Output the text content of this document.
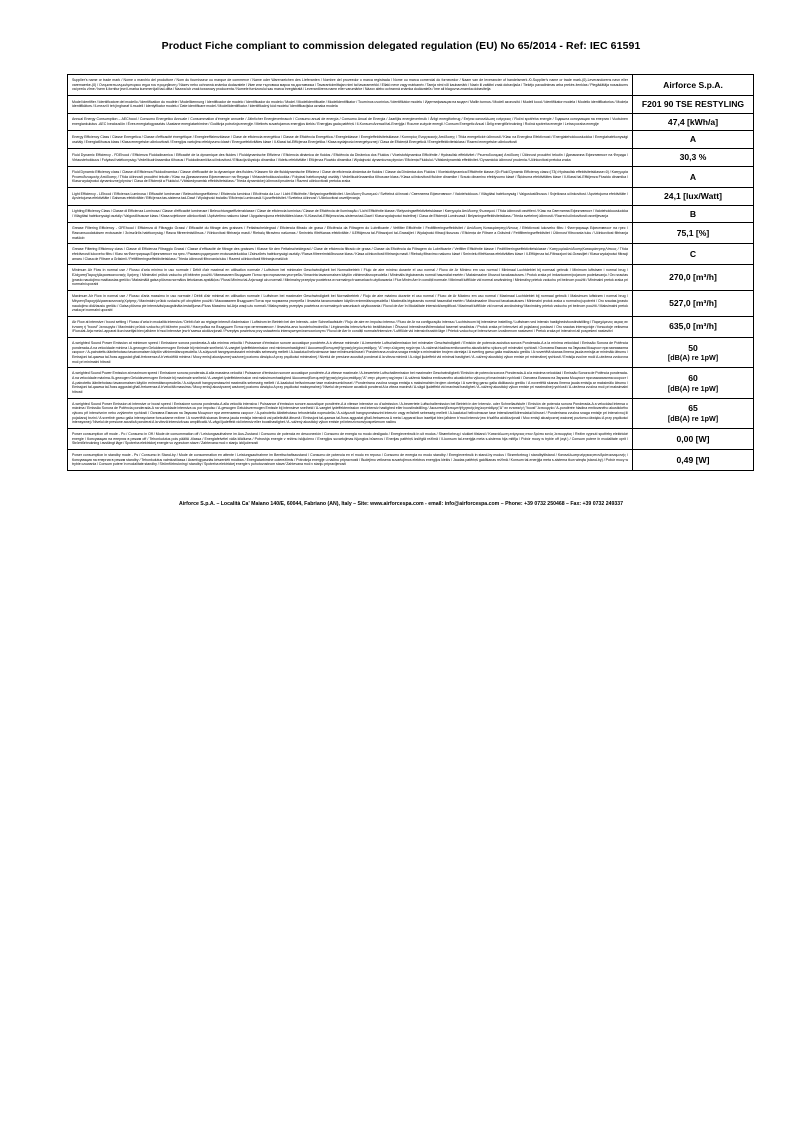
Product Fiche compliant to commission delegated regulation (EU) No 65/2014 - Ref: IEC 61591
Supplier's name or trade mark / Nome o marchio del produttore / Nom du fournisseur ou marque de commerce / Name oder Warenzeichen des Lieferanten / Nombre del proveedor o marca registrada / Nome ou marca comercial do fornecedor / Naam van de leverancier of handelsmerk /0-Supplier's name or trade mark-(0)-Leverandorens navn eller varemaerke-(0) / Ονοματεπωνυμο/εμπορικο σημα του προμηθευτη / Název nebo ochranná známka dodavatele / Име или търговска марка на доставчика / Tavarantoimittajan nimi tai tavaramerkki / Ellató neve vagy márkanév / Tamja nimi või kaubamärk / Naziv ili zaštitni znak dobavljača / Tiekėjo pavadinimas arba prekės ženklas / Piegādātāja nosaukums vai preču zīme / Isem il-fornitur jew il-marka kummerċjali tad-ditta / Nazwa lub znak towarowy producenta / Numele furnizorului sau marca înregistrată / Leverantörens namn eller varumärke / Názov alebo ochranná známka dodávateľa / Ime ali blagovna znamka dobavitelja	Airforce S.p.A.
Model identifier / Identificatore del modello / Identification du modèle / Modellkennung / Identificador de modelo / Identificador do modelo / Model / Modelidentificatie / Modelidentifikator / Tournínos uvorínius / Identifikátor modelu / Идентификация на модел / Mallin tunnus / Modell azonosító / Mudeli kood / Identifikator modela / Modelio identifikatorius / Modeļa identifikātors / Il-mezzi li teh jingharaf il-mudell / Identyfikator modelu / Date identificare model / Modellidentifikator / Identifikačný kód modelu/ Identifikacijska oznaka modela	F201 90 TSE RESTYLING
Annual Energy Consumption – AEChood / Consumo Energetico Annuale / Consommation d'énergie annuelle / Jährlicher Energieverbrauch / Consumo anual de energía / Consumo Anual de Energia / Jaarlijks energieverbruik / Årligt energiforbrug / Ετήσια κατανάλωση ενέργειας / Roční spotřeba energie / Годишна консумация на енергия / Vuotuinen energiankulutus -AEC Ivealouslön / Éves energiafogyasztás / Aastane energiatarbimine / Godišnja potrošnja energije / Metinės suvartojamos energijos kiekis / Energijas gada patēriņš / Il-Konsum Annwali tal-Enerġija / Roczne zużycie energii / Consum Energetic Anual / Årlig energiförbrukning / Ročná spotreba energie / Letna poraba energije	47,4 [kWh/a]
Energy Efficiency Class / Classe Energetica / Classe d'efficacité énergétique / Energieeffizienzklasse / Clase de eficiencia energética / Classe de Eficiência Energética / Energieklasse / Energieffektivitetsklasse / Komnpiος Ενεργειακής Απόδοσης / Třída energetické účinnosti / Klası na Energiina Efektivnost / Energiatehokkuusluokka / Energiahatékonysági osztály / Energiatõhusus klass / Klasa energetske učinkovitosti / Energijos vartojimo efektyvumo klasė / Energoefektivitātes klase / Il-Klassi tal-Effiċjenza Enerġetika / Klasa wydajności energetycznej / Clasa de Eficiență Energetică / Energieffektivitetsklass / Razred energetske učinkovitosti	A
Fluid Dynamic Efficiency - FDEhood / Efficienza Fluidodinamica / Efficacité de la dynamique des fluides / Fluiddynamische Effizienz / Eficiencia dinámica de fluidos / Eficiência da Dinâmica dos Fluidos / Vloeistofdynamica Efficiëntie / Hydraulisk effektivitet / Ρευστοδυναμική Απόδοση / Účinnost proudění tekutin / Динамична Ефективност на Флуида / Virtaustehokkuus / Folyássi hatékonyság / Vedelikudrünaamika tõhusus / Fluidodinamička učinkovitost / Efikacija škystojo dinamika / Videšu efektivitāte / Efiċjenza Fluwido dinamika / Wydajność dynamiczna płynów / Eficiența Fluidului / Vätskedynamisk effektivitet / Dynamická účinnosť prudenia / Učinkovitost pretoka zraka	30,3 %
Fluid Dynamic Efficiency class / Classe di Efficienza Fluidodinamica / Classe d'efficacité de la dynamique des fluides / Klassen für die fluiddynamische Effizienz / Clase de eficiencia dinámica de fluidos / Classe da Dinâmica dos Fluidos / Vloeistofdynamica Efficiëntie klasse /(0=Fluid Dynamic Efficiency class=)73(=Hydraulisk effektivitetsklasse=0) / Κατηγορία Ρευστοδυναμικής Απόδοσης / Třída účinnosti proudění tekutin / Klası на Динамичната Ефективност на Флуида / Virtaustehokkuusluokka / Folyássi hatékonysági osztály / Vedelikudrünaamika tõhususe klass / Klasa učinkovitosti fluidne dinamike / Srauto dinamino efektyvumo klasė / Šķidruma efektivitātes klase / Il-Klassi tal-Effiċjenza Fluwido dinamika / Klasa wydajności dynamicznej płynów / Clasa de Eficiență a Fluidului / Vätskedynamisk effektivitetsklass / Trieda dynamickej účinnosti prudenia / Razred učinkovitosti pretoka zraka	A
Light Efficiency - LEhood / Efficienza Luminosa / Efficacité lumineuse / Beleuchtungseffizienz / Eficiencia lumínica / Eficiência da Luz / Licht Efficiëntie / Belysningseffektivitet / Απόδοση Φωτισμού / Světelná účinnost / Светлинна Ефективност / Valotehokkuus / Világítási hatékonyság / Valgustustõhusus / Svjetlosna učinkovitost / Apvietojuma efektivitāte / Apvietojuma efektivitāte / Gaismas efektivitāte / Effiċjenza tas-sistema tad-Dawl / Wydajność światła / Eficiența Luminoasă / Ljuseffektivitet / Svetelna účinnosť / Učinkovitost osvetljevanja	24,1 [lux/Watt]
Lighting Efficiency Class / Classe di Efficienza Luminosa / Classe d'efficacité lumineuse / Beleuchtungseffizienzklasse / Clase de eficiencia lumínica / Classe de Eficiência de Iluminação / Licht Efficiëntie klasse / Belysningseffektivitetsklasse / Κατηγορία Απόδοσης Φωτισμού / Třída účinnosti osvětlení / Klası на Светлинна Ефективност / Valotehokkuusluokka / Világítási hatékonysági osztály / Valgustõhususe klass / Klasa svjetlosne učinkovitosti / Apšvietimo našumo klasė / Apgaismojuma efektivitātes klase / Il-Klassi tal-Effiċjenza tas-sistema tad-Dawl / Klasa wydajności świetlnej / Clasa de Eficiență Luminoasă / Belysningseffektivitetsklass / Trieda svetelnej účinnosti / Razred učinkovitosti osvetljevanja	B
Grease Filtering Efficiency - GFEhood / Efficienza di Filtraggio Grassi / Efficacité du filtrage des graisses / Fettabscheidegrad / Eficiencia filtrado de grasa / Eficiência da Filtragem do Lubrificante / Vetfilter Efficiëntie / Fedtfiltreringseffektivitet / Απόδοση Κατακράτησης/Λίπους / Efektivnost lukoveho filtru / Филтрираща Ефективност на грес / Rasvansuodatuksen erotusaste / Зсírszűrős hatékonyság / Rasva filtreerimistõhsus / Уčinkovitost filtriranja masti / Riebalų filtravimo našumas / Smirvielu filtrēšanas efektivitāte / Il-Effiċjenza tal-Filtrazzjoni tal-Grassijiet / Wydajność filtracji tłuszczu / Eficiența de Filtrare a Grăsimii / Fettfiltreringseffektivitet / Účinnosť filtrovania tuku / Učinkovitost filtriranja maščob	75,1 [%]
Grease Filtering Efficiency class / Classe di Efficienza Filtraggio Grassi / Classe d'efficacité de filtrage des graisses / Klasse für den Fettabscheidegrad / Clase de eficiencia filtrado de grasa / Classe da Eficiência da Filtragem do Lubrificante / Vetfilter Efficiëntie klasse / Fedtfiltreringseffektivitetsklasse / ΚατηγορίαΑπόδοσηςΚατακράτησηςΛίπους / Třída efektivnosti lukoveho filtru / Klası на Филтрираща Ефективност на грес / Расвансуодатуксен erotusasteluokka / Zsirszűrés hatékonysági osztály / Rasva filtreerimistõhususe klass / Klasa učinkovitosti filtriranja masti / Riebalų filtravimo našumo klasė / Smirvielu filtrēšanas efektivitātes klase / Il-Effiċjenza tal-Filtrazzjoni tal-Grassijiet / Klasa wydajności filtracji amaru / Clasa de Filtrare a Grăsimii / Fettfiltreringseffektivitetsklass / Trieda účinnosti filtrovania tuku / Razred učinkovitosti filtriranja maščob	C
Minimum Air Flow in normal use / Flusso d'aria minimo in uso normale / Débit d'air maximal en utilisation normale / Luftstrom bei minimaler Geschwindigkeit bei Normalbetrieb / Flujo de aire mínimo durante el uso normal / Fluxo de Ar Mínimo em uso normal / Minimaal Luchtdebiet bij normaal gebruik / Minimum luftstrøm i normal brug / ΕλάχιστηΠαροχήΑερασεκανονικής Χρήσης / Minimální prūtok vzduchu při běžném použití / Минимален Въздушен Поток при нормална употреба / Ilmavirta tavanomaisen käytön vähimmäisnopeudella / Minimális légkáramás normál használat esetén / Maksimaalne õhuvool tavakasutuses / Protok zraka pri imkaricomm/pojanom podešavanju / Oro srautas jprasto naudojimo mažiausias greičio / Maksimālā gaisa plūsma normālos lietošanas apstākļos / Flussi Minimu tal-Arja wagt użu normali / Minimalny przepływ powietrza w normalnych warunkach użytkowania / Flux Minim Aer în condiții normale / Minimalt luftflöde vid normal användning / Minimálny prietok vzduchu pri bežnom použití / Minimalni pretok zraka pri normalni uporabi	270,0 [m³/h]
Maximum Air Flow in normal use / Flusso d'aria massimo in uso normale / Débit d'air minimal en utilisation normale / Luftstrom bei maximaler Geschwindigkeit bei Normalbetrieb / Flujo de aire máximo durante el uso normal / Fluxo de Ar Máximo em uso normal / Maximaal Luchtdebiet bij normaal gebruik / Maksimum luftstrøm i normal brug / ΜέγιστηΠαροχήΑέρασεκανονικήςΧρήσης / Maximální prūtok vzduchu při obvyklém použití / Максимален Въздушен Поток при нормална употреба / Ilmavirta tavanomaisen käytön enimmäisnopeudella / Maximális légáramás normál használat esetén / Maksimaalne õhuvool tavakasutuses / Minimalni protok zraka u normalnoj upotrebi / Oro srautas jprasto naudojimo didžiausiu greičiu / Gaisa plūsma pie intensivās/paugstināta iestatījuma /Fluss Massimu tal-Arja waqt użu normali / Maksymalny przepływ powietrza w normalnych warunkach użytkowania / Fluxul de Aer în Modalitate intensivă/amplificat / Maximalt luftflöde vid normal användning/ Maximálny prietok vzduchu pri bežnom použití / Maksimalni pretok zraka pri normalni uporabi	527,0 [m³/h]
Air Flow at intensive / boost setting / Flusso d'aria in modalità intensiva / Débit d'air au réglage intensif d'admission / Luftstrom im Betrieb bei der Intensiv- oder Schnellaufstufe / Flujo de aire en impulso intenso / Fluxo de Ar na configuração intensa / Luchtstroom bij intensieve instelling / Luftstrøm ved intensiv hastighedsfoostindstilling / Παρεχόμενος αερας σε ένταση ή "boost" λειτουργία / Maximální prūtok vzduchu při blížném použití / Настройка на Въздушен Поток при интензивност / Ilmavirta-arvo tuosteholmoinnilla / Légáramlás intenzív/turbó beállításban / Õhuvool intensiivsel/kiirendatud tasemel seadistus / Protok zraka pri intenzivni ali pojačanoj postavci / Oro srautas intensyvioje / forsuotoje veiksena /Fluxulat-Arja meta l-apparat ikun issettjat biex jaħdem b'mod intensive jew b'saewa aċdċizzjonali / Przepływ powietrza przy ustawieniu intensywnym/wzmocnionym / Fluxul de Aer în condiții normale/intensive / Luftflöde vid intensivt/snabb läge / Prietok vzduchu pri intenzívnom /zosilnenom nastavení / Pretok zraka pri intenzivni ali pospešeni nastavitvi	635,0 [m³/h]
A-weighted Sound Power Emission at minimum speed / Emissione sonora ponderata-A alla minima velocità / Puissance d'émission sonore acoustique pondérée-A à vitesse minimale / A-bewertete Luftschallemission bei minimaler Geschwindigkeit / Emisión de potencia acústica sonora Ponderada-A a la mínima velocidad / Emissão Sonora de Potência ponderada-A na velocidade mínima / A-gewogen Geluidsvermogen Emissie bij minimale snelheid / A-vaegtet lydeffektemission ved minimumhastighed / ΑκουστικήΕκπομπήΗχητικήςΙσχύοςστάθμης "A" στην ελáχιστη ταχύτητα / A-vážená hladina emitovaného akustického výkonu při minimální rychlosti / Основна Емисия на Звукова Мощност при минимална скорост / A-painotettu äänitehotaso tavanomaisen käytön vähimmäisnopeudella / A-súlyozott hangnyomásszint minimális sebesség mellett / A-kaalutud helivoimsuse tase miinimumkiirusel / Ponderirana zvučna snaga emisije s minimalnim brojem okretaja / A sverting garso galia mažiausiu greičiu / A novertētā skanas līmena jauda emisija ar minimālo ātrumu / Emissjoni tal-qawwa tal-ħoss aggustat għall-frekwenza A b'vetoċēitā minima / Mocy emisji akustycznej ważonej poziomu dźwięku A przy prędkości minimalnej / Nivelul de presiune acustică ponderat A la viteza minimă / A-vägd ljudeffekt vid minimal hastighet / A -vážený akustický výkon emisie pri minimálnej rychlosti / Emisija zvočne moči A-utežena zvokovna moč pri minimalni hitrosti	50
[dB(A) re 1pW]

A-weighted Sound Power Emission at maximum speed / Emissione sonora ponderata-A alla massima velocità / Puissance d'émission sonore acoustique pondérée-A à vitesse maximale / A-bewertete Luftschallemission bei maximaler Geschwindigkeit / Emisión de potencia sonora Ponderada-A a la máxima velocidad / Emissão Sonora de Potência ponderada-A na velocidade máxima /A-gewogen Geluidsvermogen Emissie bij maximale snelheid / A-vaegtet lydeffektemission ved maksimumhastighed /ΑκουστικήΕκπομπήΗχητικήςΙσχύοςστάθμης"A" στην μέγιστη ταχύτητα / A-vážená hladina emitovaného akustického výkonu při maximální rychlosti / Основна Емисия на Звукова Мощност при максимална скорост / A-painotettu äänitehotaso tavanomaisen käytön enimmäisnopeudella / A-súlyozott hangnyomásszint maximális sebesség mellett / A-kaalutud helivoimsuse tase maksimumkiirusel / Ponderirana zvučna snaga emisija s maksimalnim brojem okretaja / A sverting garso galia didžiausiu greičiu / A novertētā skanas līmena jauda emisija ar maksimālo ātrumu / Emissjoni tal-qawwa tal-ħoss aggustat għall-frekwenza A b'veloċitā massima / Mocy emisji akustycznej ważonej poziomu dźwięku A przy prędkości maksymalnej / Nivelul de presiune acustică ponderat A la viteza maximă / A-vägd ljudeffekt vid maximal hastighet / A -vážený akustický výkon emisie pri maximálnej rychlosti / A-utežena zvočna moč pri maksimalni hitrosti	60
[dB(A) re 1pW]

A-weighted Sound Power Emission at intensive or boost speed / Emissione sonora ponderata-A alla velocità intensiva / Puissance d'émission sonore acoustique pondérée-A à vitesse intensive ou d'admission / A-bewertete Luftschallemission bei Betrieb in der Intensiv- oder Schnellaufstufe / Emisión de potencia sonora Ponderada-A a velocidad intensa o máxima / Emissão Sonora de Potência ponderada-A na velocidade intensiva ou por impulso / A-gewogen Geluidsvermogen Emissie bij intensieve snelheid / A-vaegtet lydeffektemission ved intensiv hastighed eller boostindstilling / ΑκουστικήΕκπομπήΗχητικήςΙσχύοςστάθμης"A" σε εντατική ή "boost" λειτουργία / A-pondérée hladina emitovaného akustického výkonu při intenzivním nebo zvýšeném rychlosti / Основна Емисия на Звукова Мощност при интензивна скорост / A-painotettu äänitehotaso tehostetulla nopeudella / A-súlyozott hangnyomásszint intenzív vagy erősített sebesség mellett / A-kaalutud helivoimsuse tase intensiivsel/kiirendatud kiirusel / Ponderirana zvučna snaga emisije pri intenzivnoj ili pojačanoj brzini / A svertinė garso galia intensyviame forsuotame režime / A novertētā skanas līmena jauda emisija intensivā vai palielinātā ātrumā / Emissjoni tal-qawwa tal-ħoss aggustat għall-frekwenza A meta l-apparat ikun issettjat biex jaħdem b'mod intensiv jew b'saħħa aċdċizzjonali / Moc emisji akustycznej ważonej poziomu dźwięku A przy prędkości intensywnej / Nivelul de presiune acustică ponderat A la viteză intensivă sau amplificată / A-vägd ljudeffekt vid intensiv eller boosthastighet / A -vážený akustický výkon emisie pri intenzívnom/pospešenom načinu	65
[dB(A) re 1pW]

Power consumption off mode - Po / Consumo in Off / Mode de consommation off / Leistungsaufnahme im Aus-Zustand / Consumo de potencia en desconexión / Consumo de energia no modo desligado / Energieverbruik in uit modus / Strømforbrug i slukket tilstand / Κατανάλωση ενέργειας στον δρόπο εκτός λειτουργίας / Režim vypnutí spotřeby elektrické energie / Консумация на енергия в режим off / Tehonkulutus pois päältä -tilassa / Energiafelvétel válla kilálluma / Potroshja energie v režimu isključeno / Energijos suvartojimas išjungtos būsenos / Enerijas patēriņš izslēgtā režīmā / Il-konsum tal-enerġija meta s-sistema hija mitfija / Pobór mocy w trybie off (wył.) / Consum putere în modalitate oprit / Strömförbrukning i avstängt läge / Spotreba elektrickej energie vo vypnutom stave / Zahtevana moč v stanju izključenosti	0,00 [W]
Power consumption in standby mode - Ps / Consumo in Stand-by / Mode de consommation en attente / Leistungsaufnahme im Bereitschaftszustand / Consumo de potencia en el modo en reposo / Consumo de energia no modo standby / Energieverbruik in stand-by modus / Strømforbrug i standbytilstand / Κατανάλωσηενέργειαςστονδρόποαναμονής / Консумация на енергия в режим standby / Tehonkulutus valmiustilassa / Aramfogyasztás készenléti módban / Energiatarbimine ooterežiimis / Potrošnja energije u načinu pripravnosti / Budejimo veiksena suvartojimos elektros energijos kiekis / Jaudas patēriņš gaidīšanas režīmā / Konsum tal-enerġija meta s-sistema tkun wieqfa (stand-by) / Pobór mocy w trybie czuwania / Consum putere în modalitate standby / Strömförbrukning i standby / Spotreba elektrickej energie v pohotovostnom stave/ Zahtevana moč v stanju pripravljenosti	0,49 [W]
Airforce S.p.A. – Località Ca' Maiano 140/E, 60044, Fabriano (AN), Italy – Site: www.airforcespa.com - email: info@airforcespa.com – Phone: +39 0732 250468 – Fax: +39 0732 249337
